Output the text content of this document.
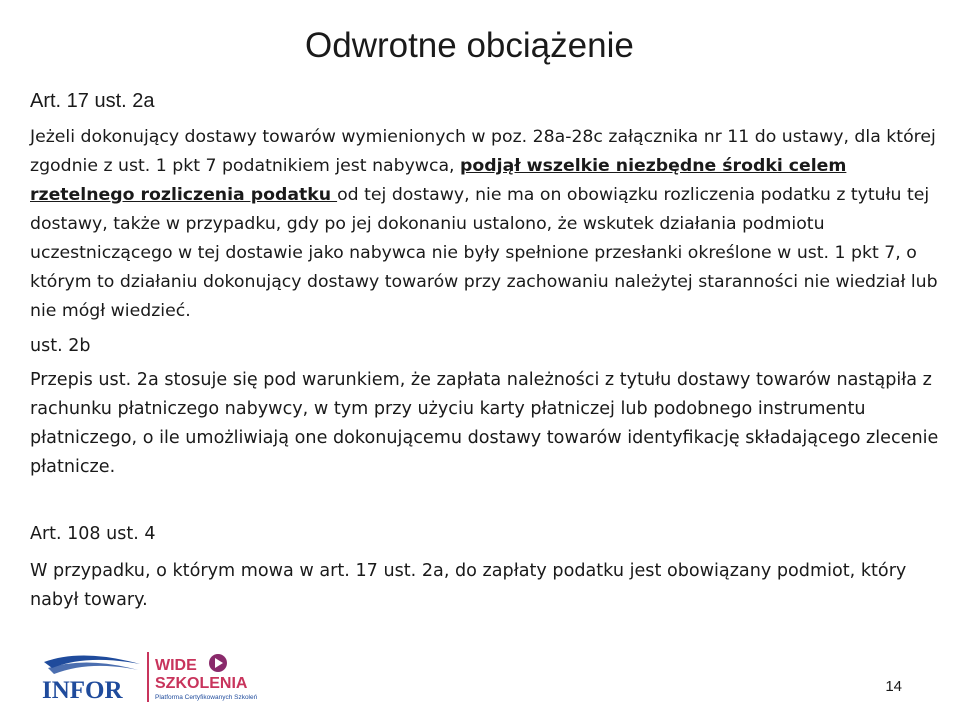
Odwrotne obciążenie
Art. 17 ust. 2a

Jeżeli dokonujący dostawy towarów wymienionych w poz. 28a-28c załącznika nr 11 do ustawy, dla której zgodnie z ust. 1 pkt 7 podatnikiem jest nabywca, podjął wszelkie niezbędne środki celem rzetelnego rozliczenia podatku od tej dostawy, nie ma on obowiązku rozliczenia podatku z tytułu tej dostawy, także w przypadku, gdy po jej dokonaniu ustalono, że wskutek działania podmiotu uczestniczącego w tej dostawie jako nabywca nie były spełnione przesłanki określone w ust. 1 pkt 7, o którym to działaniu dokonujący dostawy towarów przy zachowaniu należytej staranności nie wiedział lub nie mógł wiedzieć.

ust. 2b

Przepis ust. 2a stosuje się pod warunkiem, że zapłata należności z tytułu dostawy towarów nastąpiła z rachunku płatniczego nabywcy, w tym przy użyciu karty płatniczej lub podobnego instrumentu płatniczego, o ile umożliwiają one dokonującemu dostawy towarów identyfikację składającego zlecenie płatnicze.

Art. 108 ust. 4

W przypadku, o którym mowa w art. 17 ust. 2a, do zapłaty podatku jest obowiązany podmiot, który nabył towary.

INFOR
WIDE
SZKOLENIA
Platforma Certyfikowanych Szkoleń
14
